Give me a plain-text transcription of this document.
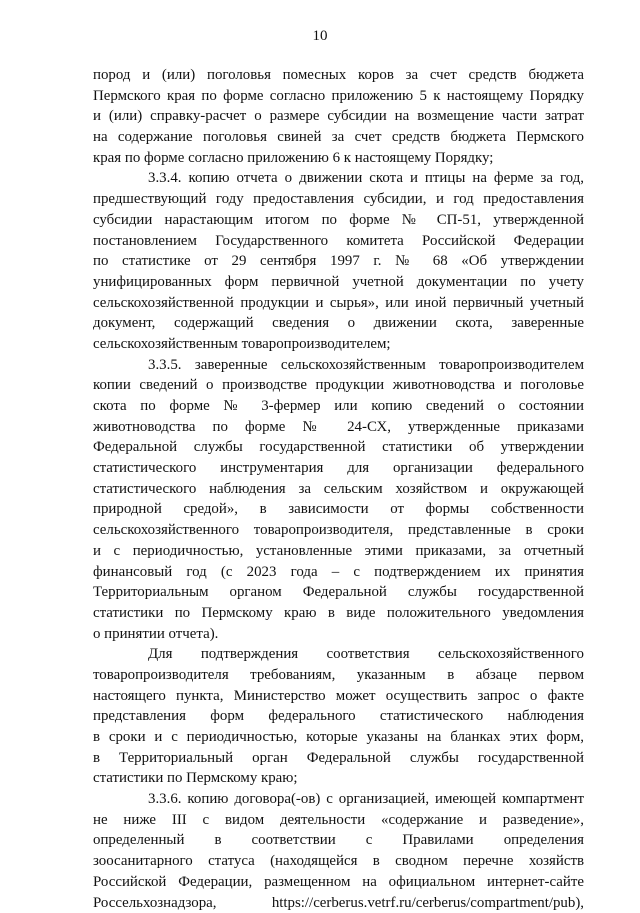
10
пород и (или) поголовья помесных коров за счет средств бюджета
Пермского края по форме согласно приложению 5 к настоящему Порядку
и (или) справку-расчет о размере субсидии на возмещение части затрат
на содержание поголовья свиней за счет средств бюджета Пермского
края по форме согласно приложению 6 к настоящему Порядку;
3.3.4. копию отчета о движении скота и птицы на ферме за год,
предшествующий году предоставления субсидии, и год предоставления
субсидии нарастающим итогом по форме № СП-51, утвержденной
постановлением Государственного комитета Российской Федерации
по статистике от 29 сентября 1997 г. № 68 «Об утверждении
унифицированных форм первичной учетной документации по учету
сельскохозяйственной продукции и сырья», или иной первичный учетный
документ, содержащий сведения о движении скота, заверенные
сельскохозяйственным товаропроизводителем;
3.3.5. заверенные сельскохозяйственным товаропроизводителем
копии сведений о производстве продукции животноводства и поголовье
скота по форме № 3-фермер или копию сведений о состоянии
животноводства по форме № 24-СХ, утвержденные приказами
Федеральной службы государственной статистики об утверждении
статистического инструментария для организации федерального
статистического наблюдения за сельским хозяйством и окружающей
природной средой», в зависимости от формы собственности
сельскохозяйственного товаропроизводителя, представленные в сроки
и с периодичностью, установленные этими приказами, за отчетный
финансовый год (с 2023 года – с подтверждением их принятия
Территориальным органом Федеральной службы государственной
статистики по Пермскому краю в виде положительного уведомления
о принятии отчета).
Для подтверждения соответствия сельскохозяйственного
товаропроизводителя требованиям, указанным в абзаце первом
настоящего пункта, Министерство может осуществить запрос о факте
представления форм федерального статистического наблюдения
в сроки и с периодичностью, которые указаны на бланках этих форм,
в Территориальный орган Федеральной службы государственной
статистики по Пермскому краю;
3.3.6. копию договора(-ов) с организацией, имеющей компартмент
не ниже III с видом деятельности «содержание и разведение»,
определенный в соответствии с Правилами определения
зоосанитарного статуса (находящейся в сводном перечне хозяйств
Российской Федерации, размещенном на официальном интернет-сайте
Россельхознадзора, https://cerberus.vetrf.ru/cerberus/compartment/pub),
